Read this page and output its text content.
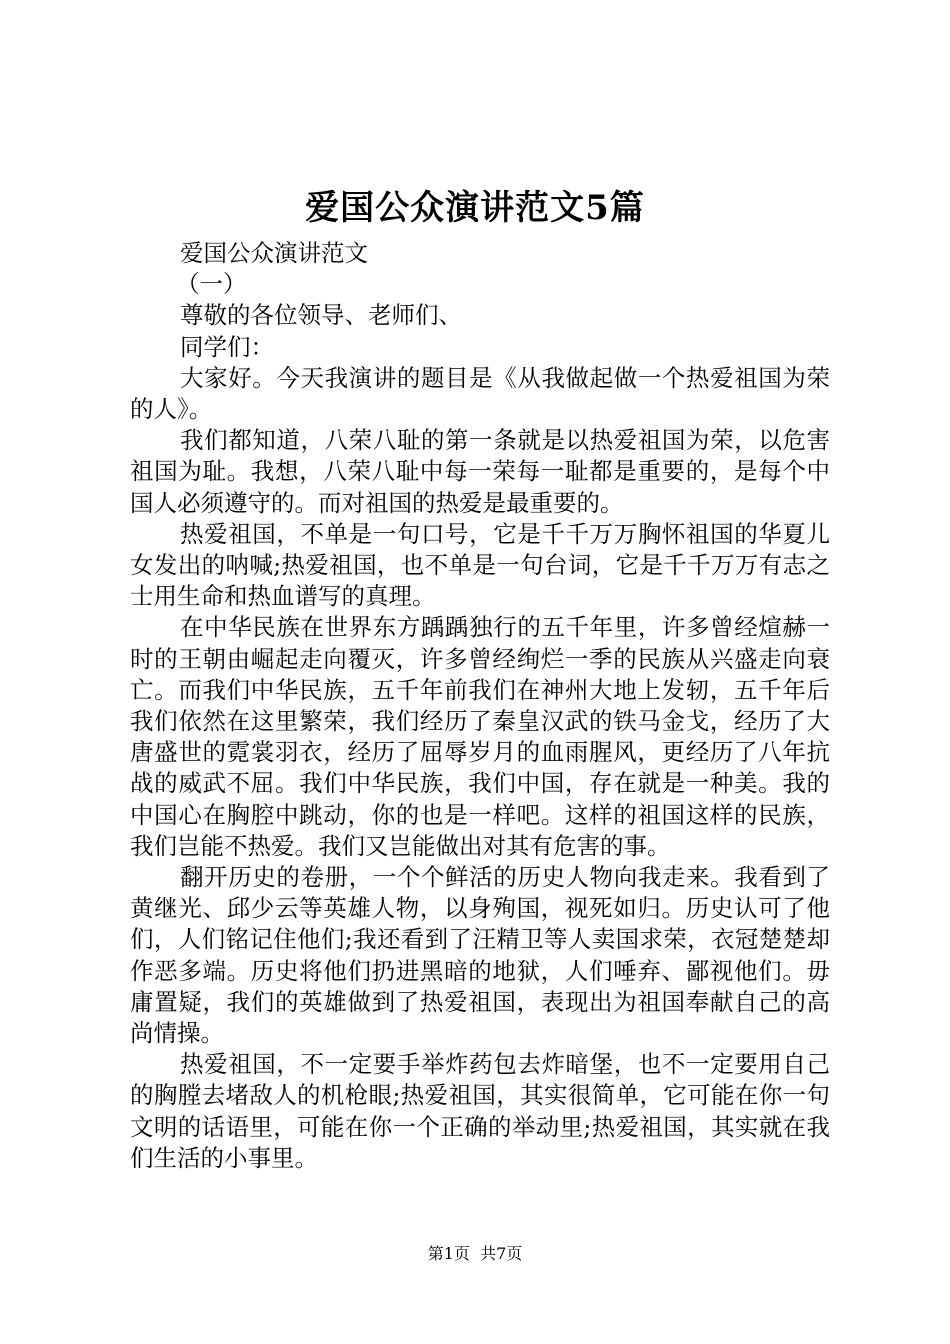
爱国公众演讲范文5篇

爱国公众演讲范文

（一）

尊敬的各位领导、老师们、

同学们：

大家好。今天我演讲的题目是《从我做起做一个热爱祖国为荣的人》。

我们都知道，八荣八耻的第一条就是以热爱祖国为荣，以危害祖国为耻。我想，八荣八耻中每一荣每一耻都是重要的，是每个中国人必须遵守的。而对祖国的热爱是最重要的。

热爱祖国，不单是一句口号，它是千千万万胸怀祖国的华夏儿女发出的呐喊;热爱祖国，也不单是一句台词，它是千千万万有志之士用生命和热血谱写的真理。

在中华民族在世界东方踽踽独行的五千年里，许多曾经煊赫一时的王朝由崛起走向覆灭，许多曾经绚烂一季的民族从兴盛走向衰亡。而我们中华民族，五千年前我们在神州大地上发轫，五千年后我们依然在这里繁荣，我们经历了秦皇汉武的铁马金戈，经历了大唐盛世的霓裳羽衣，经历了屈辱岁月的血雨腥风，更经历了八年抗战的威武不屈。我们中华民族，我们中国，存在就是一种美。我的中国心在胸腔中跳动，你的也是一样吧。这样的祖国这样的民族，我们岂能不热爱。我们又岂能做出对其有危害的事。

翻开历史的卷册，一个个鲜活的历史人物向我走来。我看到了黄继光、邱少云等英雄人物，以身殉国，视死如归。历史认可了他们，人们铭记住他们;我还看到了汪精卫等人卖国求荣，衣冠楚楚却作恶多端。历史将他们扔进黑暗的地狱，人们唾弃、鄙视他们。毋庸置疑，我们的英雄做到了热爱祖国，表现出为祖国奉献自己的高尚情操。

热爱祖国，不一定要手举炸药包去炸暗堡，也不一定要用自己的胸膛去堵敌人的机枪眼;热爱祖国，其实很简单，它可能在你一句文明的话语里，可能在你一个正确的举动里;热爱祖国，其实就在我们生活的小事里。

第1页 共7页
